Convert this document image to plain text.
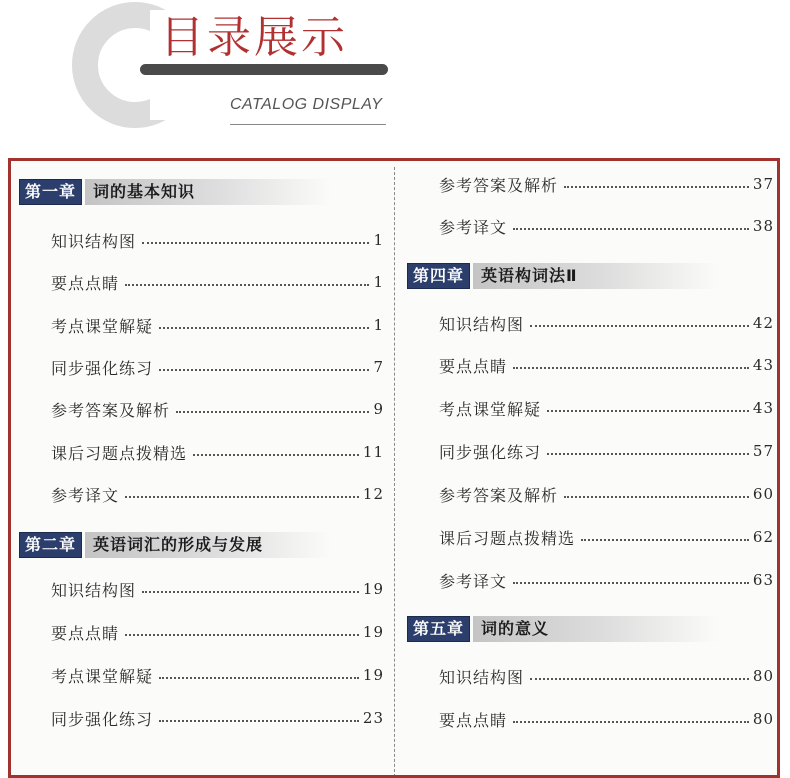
目录展示
CATALOG DISPLAY
第一章	词的基本知识
知识结构图	1
要点点睛	1
考点课堂解疑	1
同步强化练习	7
参考答案及解析	9
课后习题点拨精选	11
参考译文	12
第二章	英语词汇的形成与发展
知识结构图	19
要点点睛	19
考点课堂解疑	19
同步强化练习	23
参考答案及解析	37
参考译文	38
第四章	英语构词法Ⅱ
知识结构图	42
要点点睛	43
考点课堂解疑	43
同步强化练习	57
参考答案及解析	60
课后习题点拨精选	62
参考译文	63
第五章	词的意义
知识结构图	80
要点点睛	80
